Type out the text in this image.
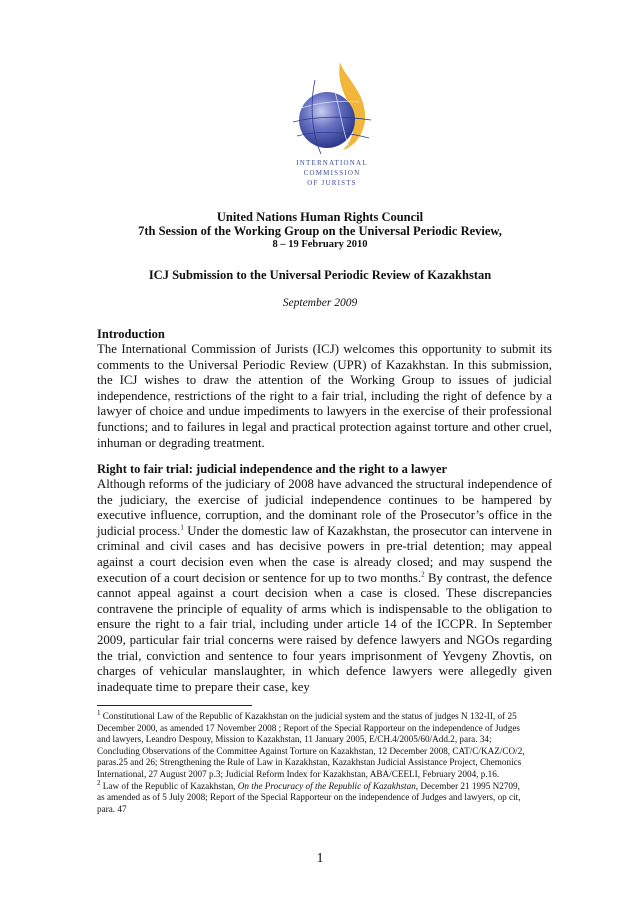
INTERNATIONAL
COMMISSION
OF JURISTS
United Nations Human Rights Council
7th Session of the Working Group on the Universal Periodic Review,
8 – 19 February 2010
ICJ Submission to the Universal Periodic Review of Kazakhstan
September 2009
Introduction
The International Commission of Jurists (ICJ) welcomes this opportunity to submit its comments to the Universal Periodic Review (UPR) of Kazakhstan. In this submission, the ICJ wishes to draw the attention of the Working Group to issues of judicial independence, restrictions of the right to a fair trial, including the right of defence by a lawyer of choice and undue impediments to lawyers in the exercise of their professional functions; and to failures in legal and practical protection against torture and other cruel, inhuman or degrading treatment.
Right to fair trial: judicial independence and the right to a lawyer
Although reforms of the judiciary of 2008 have advanced the structural independence of the judiciary, the exercise of judicial independence continues to be hampered by executive influence, corruption, and the dominant role of the Prosecutor’s office in the judicial process.$^1$ Under the domestic law of Kazakhstan, the prosecutor can intervene in criminal and civil cases and has decisive powers in pre-trial detention; may appeal against a court decision even when the case is already closed; and may suspend the execution of a court decision or sentence for up to two months.$^2$ By contrast, the defence cannot appeal against a court decision when a case is closed. These discrepancies contravene the principle of equality of arms which is indispensable to the obligation to ensure the right to a fair trial, including under article 14 of the ICCPR. In September 2009, particular fair trial concerns were raised by defence lawyers and NGOs regarding the trial, conviction and sentence to four years imprisonment of Yevgeny Zhovtis, on charges of vehicular manslaughter, in which defence lawyers were allegedly given inadequate time to prepare their case, key

$^1$ Constitutional Law of the Republic of Kazakhstan on the judicial system and the status of judges N 132-II, of 25 December 2000, as amended 17 November 2008 ; Report of the Special Rapporteur on the independence of Judges and lawyers, Leandro Despouy, Mission to Kazakhstan, 11 January 2005, E/CH.4/2005/60/Add.2, para. 34; Concluding Observations of the Committee Against Torture on Kazakhstan, 12 December 2008, CAT/C/KAZ/CO/2, paras.25 and 26; Strengthening the Rule of Law in Kazakhstan, Kazakhstan Judicial Assistance Project, Chemonics International, 27 August 2007 p.3; Judicial Reform Index for Kazakhstan, ABA/CEELI, February 2004, p.16.

$^2$ Law of the Republic of Kazakhstan, On the Procuracy of the Republic of Kazakhstan, December 21 1995 N2709, as amended as of 5 July 2008; Report of the Special Rapporteur on the independence of Judges and lawyers, op cit, para. 47

1
